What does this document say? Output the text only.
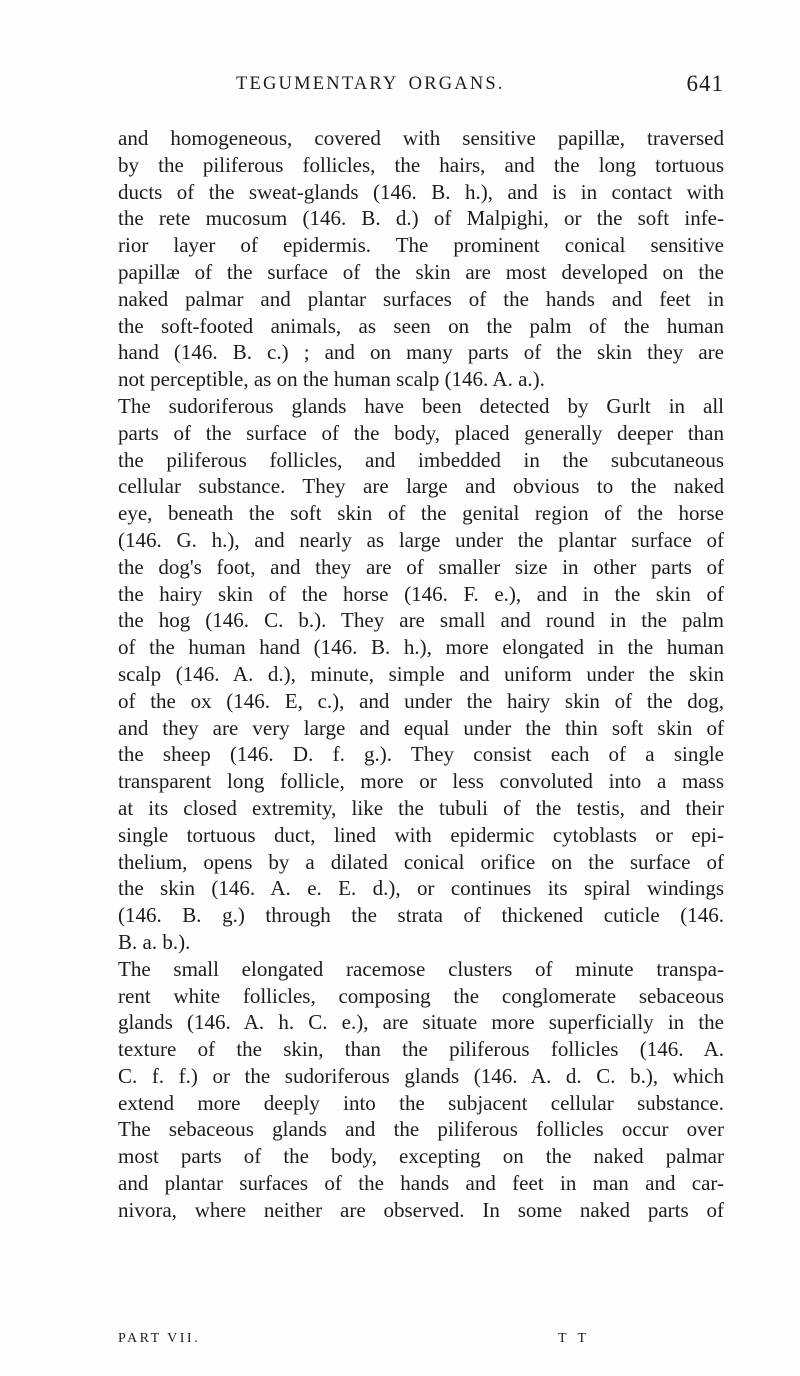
TEGUMENTARY ORGANS.	641
and homogeneous, covered with sensitive papillæ, traversed
by the piliferous follicles, the hairs, and the long tortuous
ducts of the sweat-glands (146. B. h.), and is in contact with
the rete mucosum (146. B. d.) of Malpighi, or the soft infe-
rior layer of epidermis. The prominent conical sensitive
papillæ of the surface of the skin are most developed on the
naked palmar and plantar surfaces of the hands and feet in
the soft-footed animals, as seen on the palm of the human
hand (146. B. c.) ; and on many parts of the skin they are
not perceptible, as on the human scalp (146. A. a.).
The sudoriferous glands have been detected by Gurlt in all
parts of the surface of the body, placed generally deeper than
the piliferous follicles, and imbedded in the subcutaneous
cellular substance. They are large and obvious to the naked
eye, beneath the soft skin of the genital region of the horse
(146. G. h.), and nearly as large under the plantar surface of
the dog's foot, and they are of smaller size in other parts of
the hairy skin of the horse (146. F. e.), and in the skin of
the hog (146. C. b.). They are small and round in the palm
of the human hand (146. B. h.), more elongated in the human
scalp (146. A. d.), minute, simple and uniform under the skin
of the ox (146. E, c.), and under the hairy skin of the dog,
and they are very large and equal under the thin soft skin of
the sheep (146. D. f. g.). They consist each of a single
transparent long follicle, more or less convoluted into a mass
at its closed extremity, like the tubuli of the testis, and their
single tortuous duct, lined with epidermic cytoblasts or epi-
thelium, opens by a dilated conical orifice on the surface of
the skin (146. A. e. E. d.), or continues its spiral windings
(146. B. g.) through the strata of thickened cuticle (146.
B. a. b.).
The small elongated racemose clusters of minute transpa-
rent white follicles, composing the conglomerate sebaceous
glands (146. A. h. C. e.), are situate more superficially in the
texture of the skin, than the piliferous follicles (146. A.
C. f. f.) or the sudoriferous glands (146. A. d. C. b.), which
extend more deeply into the subjacent cellular substance.
The sebaceous glands and the piliferous follicles occur over
most parts of the body, excepting on the naked palmar
and plantar surfaces of the hands and feet in man and car-
nivora, where neither are observed. In some naked parts of
PART VII.	T T
